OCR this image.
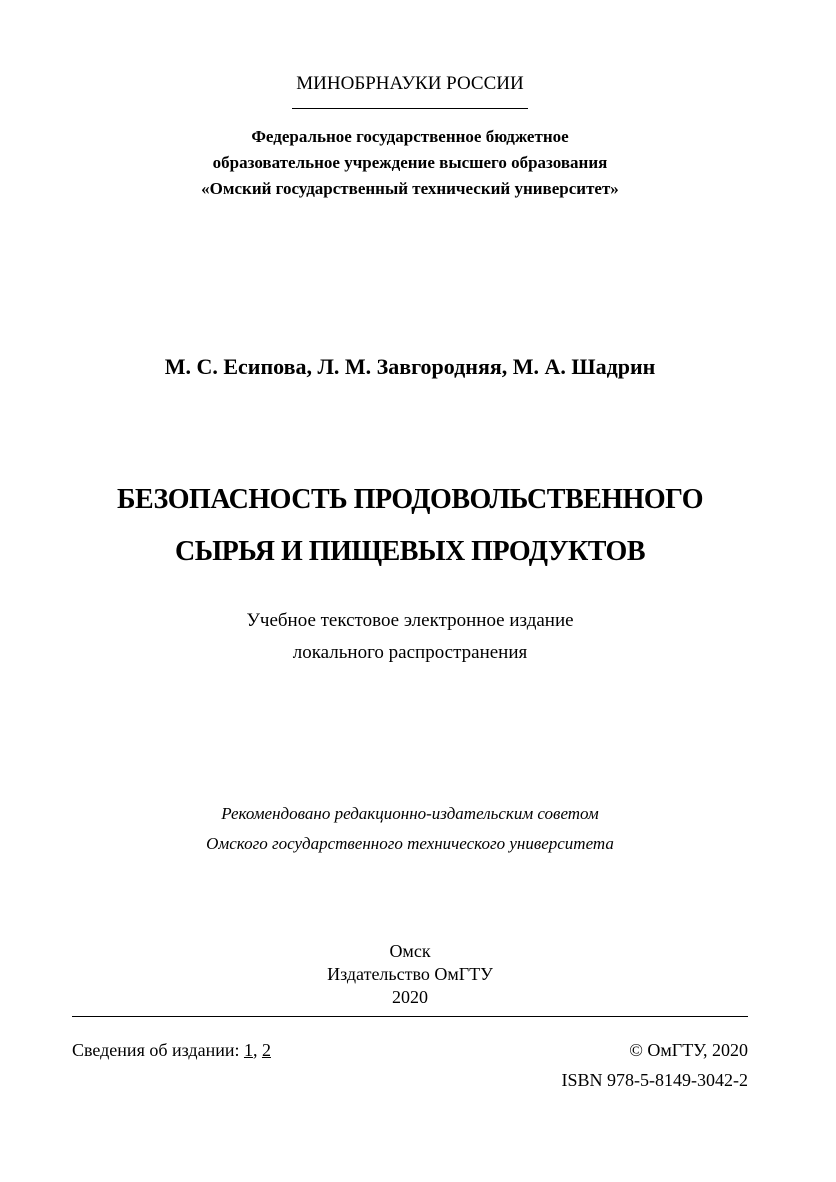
МИНОБРНАУКИ РОССИИ
Федеральное государственное бюджетное
образовательное учреждение высшего образования
«Омский государственный технический университет»
М. С. Есипова, Л. М. Завгородняя, М. А. Шадрин
БЕЗОПАСНОСТЬ ПРОДОВОЛЬСТВЕННОГО
СЫРЬЯ И ПИЩЕВЫХ ПРОДУКТОВ
Учебное текстовое электронное издание
локального распространения
Рекомендовано редакционно-издательским советом
Омского государственного технического университета
Омск
Издательство ОмГТУ
2020
Сведения об издании: 1, 2	© ОмГТУ, 2020
ISBN 978-5-8149-3042-2
